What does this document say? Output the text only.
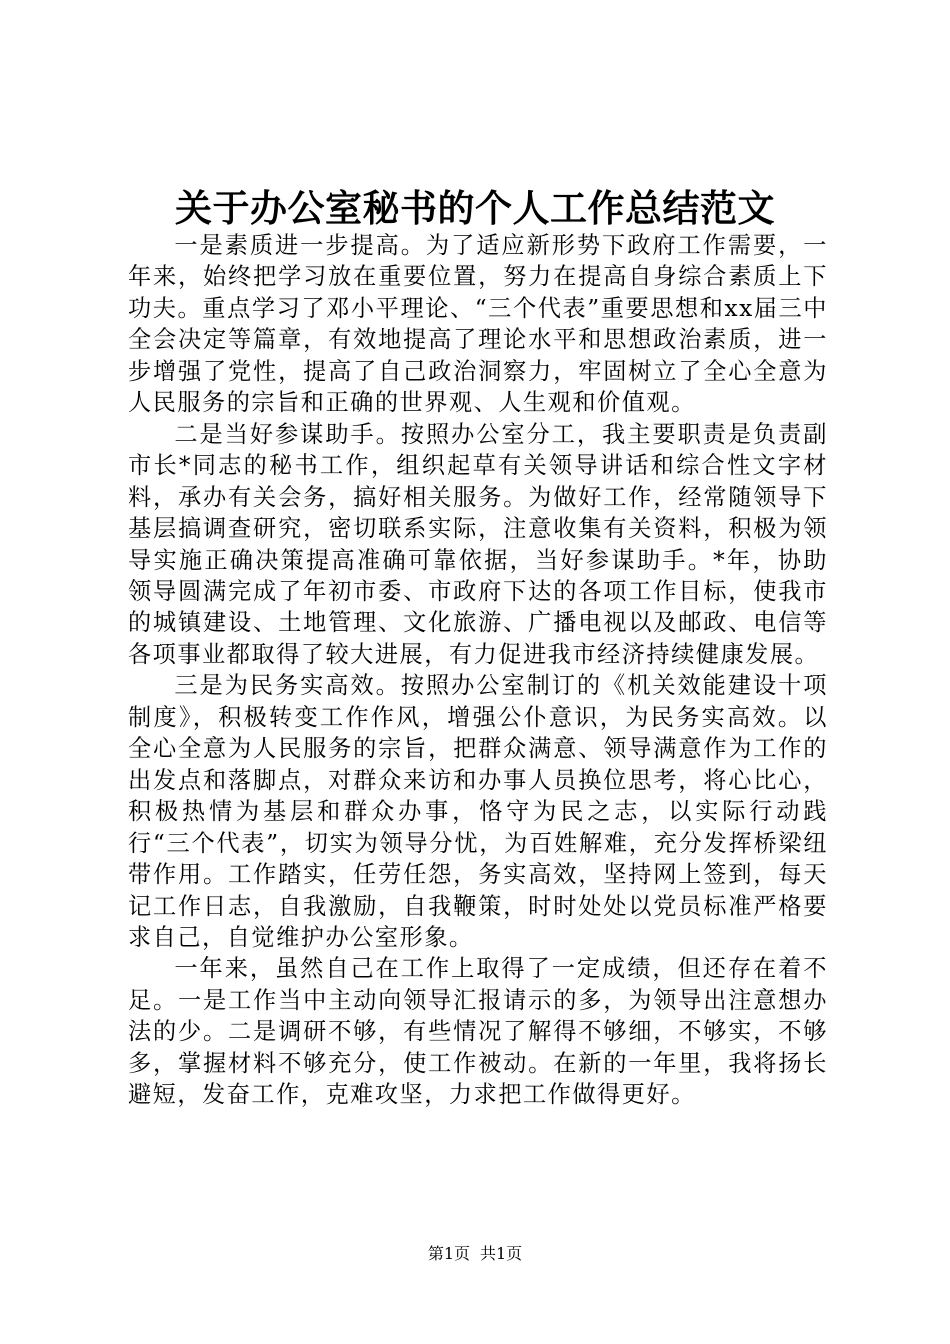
关于办公室秘书的个人工作总结范文

一是素质进一步提高。为了适应新形势下政府工作需要，一年来，始终把学习放在重要位置，努力在提高自身综合素质上下功夫。重点学习了邓小平理论、“三个代表”重要思想和xx届三中全会决定等篇章，有效地提高了理论水平和思想政治素质，进一步增强了党性，提高了自己政治洞察力，牢固树立了全心全意为人民服务的宗旨和正确的世界观、人生观和价值观。

二是当好参谋助手。按照办公室分工，我主要职责是负责副市长*同志的秘书工作，组织起草有关领导讲话和综合性文字材料，承办有关会务，搞好相关服务。为做好工作，经常随领导下基层搞调查研究，密切联系实际，注意收集有关资料，积极为领导实施正确决策提高准确可靠依据，当好参谋助手。*年，协助领导圆满完成了年初市委、市政府下达的各项工作目标，使我市的城镇建设、土地管理、文化旅游、广播电视以及邮政、电信等各项事业都取得了较大进展，有力促进我市经济持续健康发展。

三是为民务实高效。按照办公室制订的《机关效能建设十项制度》，积极转变工作作风，增强公仆意识，为民务实高效。以全心全意为人民服务的宗旨，把群众满意、领导满意作为工作的出发点和落脚点，对群众来访和办事人员换位思考，将心比心，积极热情为基层和群众办事，恪守为民之志，以实际行动践行“三个代表”，切实为领导分忧，为百姓解难，充分发挥桥梁纽带作用。工作踏实，任劳任怨，务实高效，坚持网上签到，每天记工作日志，自我激励，自我鞭策，时时处处以党员标准严格要求自己，自觉维护办公室形象。

一年来，虽然自己在工作上取得了一定成绩，但还存在着不足。一是工作当中主动向领导汇报请示的多，为领导出注意想办法的少。二是调研不够，有些情况了解得不够细，不够实，不够多，掌握材料不够充分，使工作被动。在新的一年里，我将扬长避短，发奋工作，克难攻坚，力求把工作做得更好。

第1页 共1页
